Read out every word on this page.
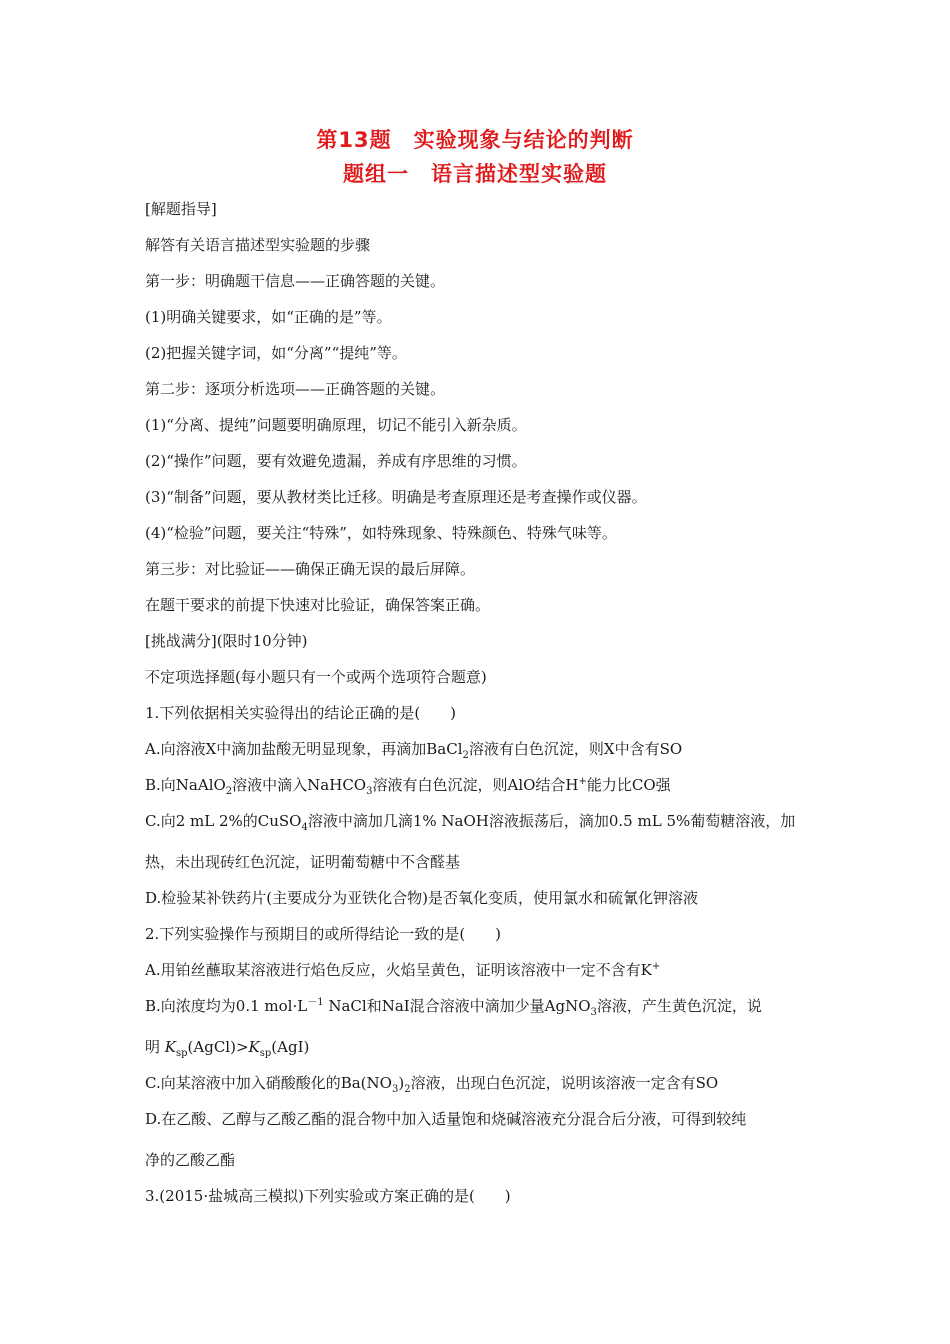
第13题　实验现象与结论的判断
题组一　语言描述型实验题
[解题指导]
解答有关语言描述型实验题的步骤
第一步：明确题干信息——正确答题的关键。
(1)明确关键要求，如“正确的是”等。
(2)把握关键字词，如“分离”“提纯”等。
第二步：逐项分析选项——正确答题的关键。
(1)“分离、提纯”问题要明确原理，切记不能引入新杂质。
(2)“操作”问题，要有效避免遗漏，养成有序思维的习惯。
(3)“制备”问题，要从教材类比迁移。明确是考查原理还是考查操作或仪器。
(4)“检验”问题，要关注“特殊”，如特殊现象、特殊颜色、特殊气味等。
第三步：对比验证——确保正确无误的最后屏障。
在题干要求的前提下快速对比验证，确保答案正确。
[挑战满分](限时10分钟)
不定项选择题(每小题只有一个或两个选项符合题意)
1.下列依据相关实验得出的结论正确的是(　　)
A.向溶液X中滴加盐酸无明显现象，再滴加BaCl$_2$溶液有白色沉淀，则X中含有SO
B.向NaAlO$_2$溶液中滴入NaHCO$_3$溶液有白色沉淀，则AlO结合H+能力比CO强
C.向2 mL 2%的CuSO$_4$溶液中滴加几滴1% NaOH溶液振荡后，滴加0.5 mL 5%葡萄糖溶液，加
热，未出现砖红色沉淀，证明葡萄糖中不含醛基
D.检验某补铁药片(主要成分为亚铁化合物)是否氧化变质，使用氯水和硫氰化钾溶液
2.下列实验操作与预期目的或所得结论一致的是(　　)
A.用铂丝蘸取某溶液进行焰色反应，火焰呈黄色，证明该溶液中一定不含有K+
B.向浓度均为0.1 $mol\cdot L^{-1}$ NaCl和NaI混合溶液中滴加少量AgNO$_3$溶液，产生黄色沉淀，说
明 $K_{sp}(AgCl)>K_{sp}(AgI)$
C.向某溶液中加入硝酸酸化的$Ba(NO_3)_2$溶液，出现白色沉淀，说明该溶液一定含有SO
D.在乙酸、乙醇与乙酸乙酯的混合物中加入适量饱和烧碱溶液充分混合后分液，可得到较纯
净的乙酸乙酯
3.(2015·盐城高三模拟)下列实验或方案正确的是(　　)
